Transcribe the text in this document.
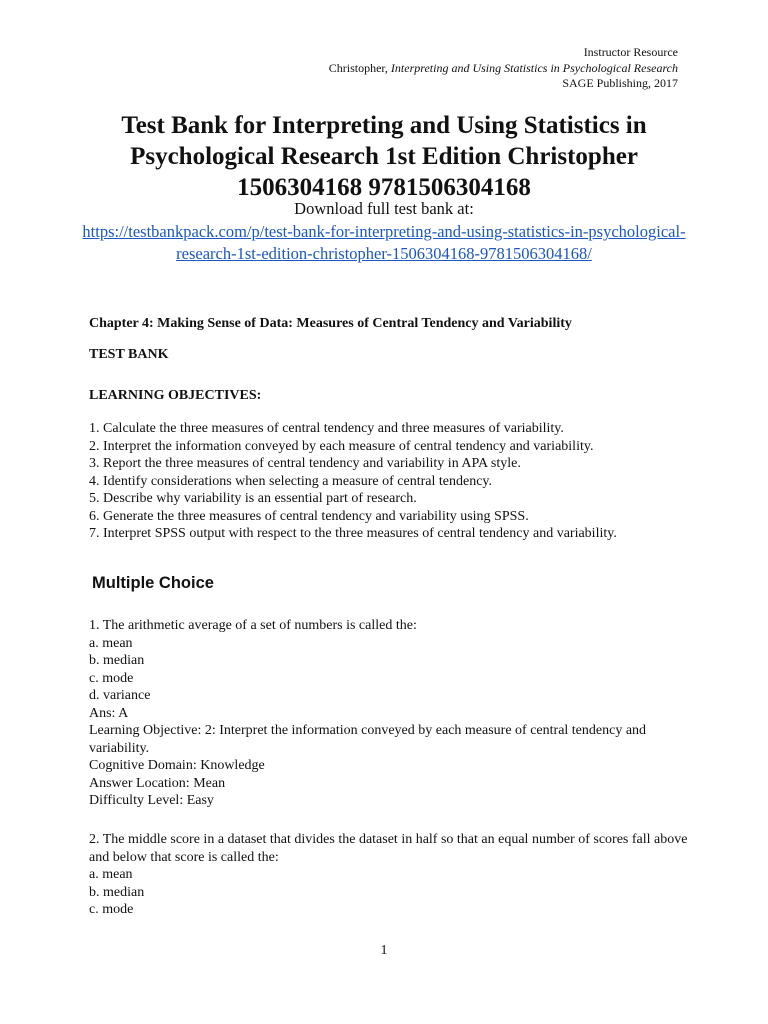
Instructor Resource
Christopher, Interpreting and Using Statistics in Psychological Research
SAGE Publishing, 2017
Test Bank for Interpreting and Using Statistics in Psychological Research 1st Edition Christopher 1506304168 9781506304168
Download full test bank at:
https://testbankpack.com/p/test-bank-for-interpreting-and-using-statistics-in-psychological-research-1st-edition-christopher-1506304168-9781506304168/
Chapter 4: Making Sense of Data: Measures of Central Tendency and Variability
TEST BANK
LEARNING OBJECTIVES:
1. Calculate the three measures of central tendency and three measures of variability.
2. Interpret the information conveyed by each measure of central tendency and variability.
3. Report the three measures of central tendency and variability in APA style.
4. Identify considerations when selecting a measure of central tendency.
5. Describe why variability is an essential part of research.
6. Generate the three measures of central tendency and variability using SPSS.
7. Interpret SPSS output with respect to the three measures of central tendency and variability.
Multiple Choice
1. The arithmetic average of a set of numbers is called the:
a. mean
b. median
c. mode
d. variance
Ans: A
Learning Objective: 2: Interpret the information conveyed by each measure of central tendency and variability.
Cognitive Domain: Knowledge
Answer Location: Mean
Difficulty Level: Easy
2. The middle score in a dataset that divides the dataset in half so that an equal number of scores fall above and below that score is called the:
a. mean
b. median
c. mode
1
